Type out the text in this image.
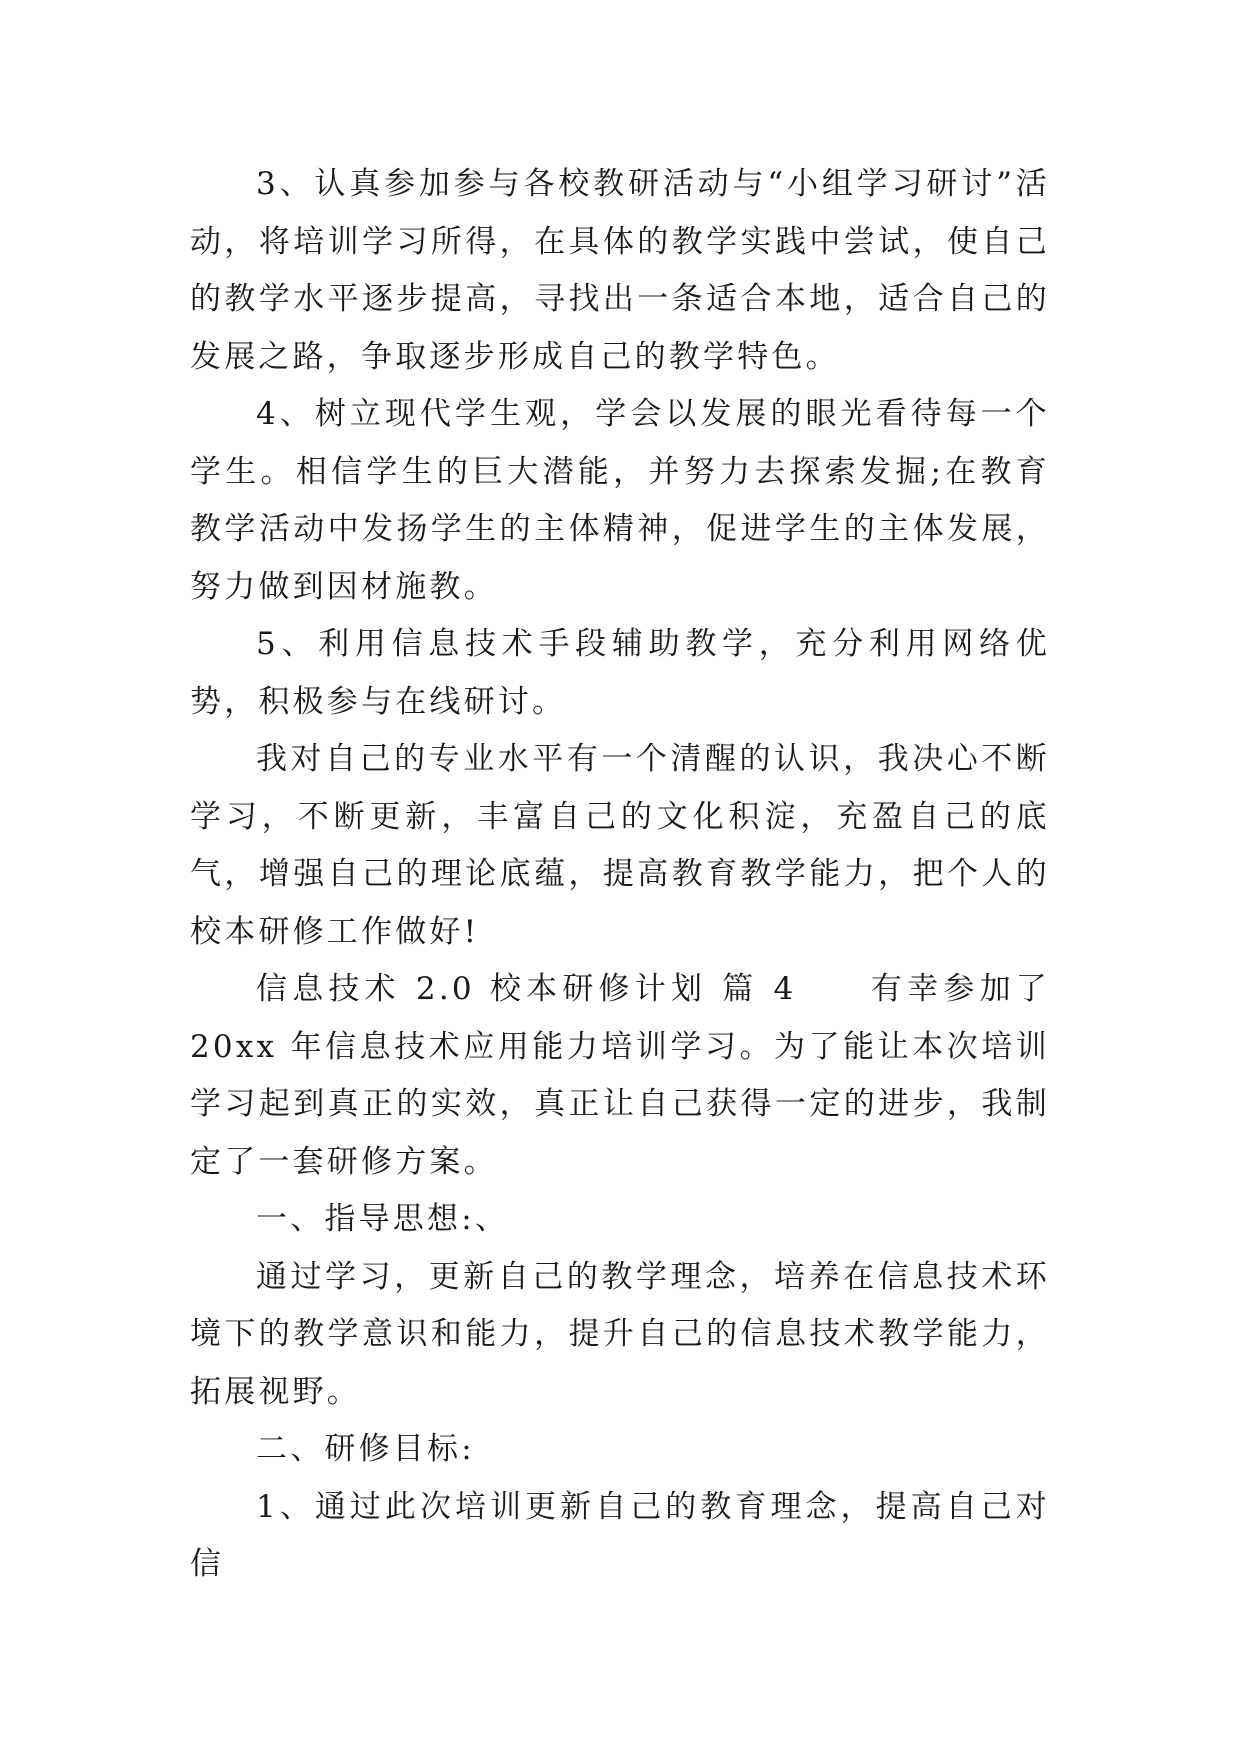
3、认真参加参与各校教研活动与“小组学习研讨”活动，将培训学习所得，在具体的教学实践中尝试，使自己的教学水平逐步提高，寻找出一条适合本地，适合自己的发展之路，争取逐步形成自己的教学特色。

4、树立现代学生观，学会以发展的眼光看待每一个学生。相信学生的巨大潜能，并努力去探索发掘;在教育教学活动中发扬学生的主体精神，促进学生的主体发展，努力做到因材施教。

5、利用信息技术手段辅助教学，充分利用网络优势，积极参与在线研讨。

我对自己的专业水平有一个清醒的认识，我决心不断学习，不断更新，丰富自己的文化积淀，充盈自己的底气，增强自己的理论底蕴，提高教育教学能力，把个人的校本研修工作做好!

信息技术 2.0 校本研修计划 篇 4　　有幸参加了 20xx 年信息技术应用能力培训学习。为了能让本次培训学习起到真正的实效，真正让自己获得一定的进步，我制定了一套研修方案。

一、指导思想:、

通过学习，更新自己的教学理念，培养在信息技术环境下的教学意识和能力，提升自己的信息技术教学能力，拓展视野。

二、研修目标:

1、通过此次培训更新自己的教育理念，提高自己对信
